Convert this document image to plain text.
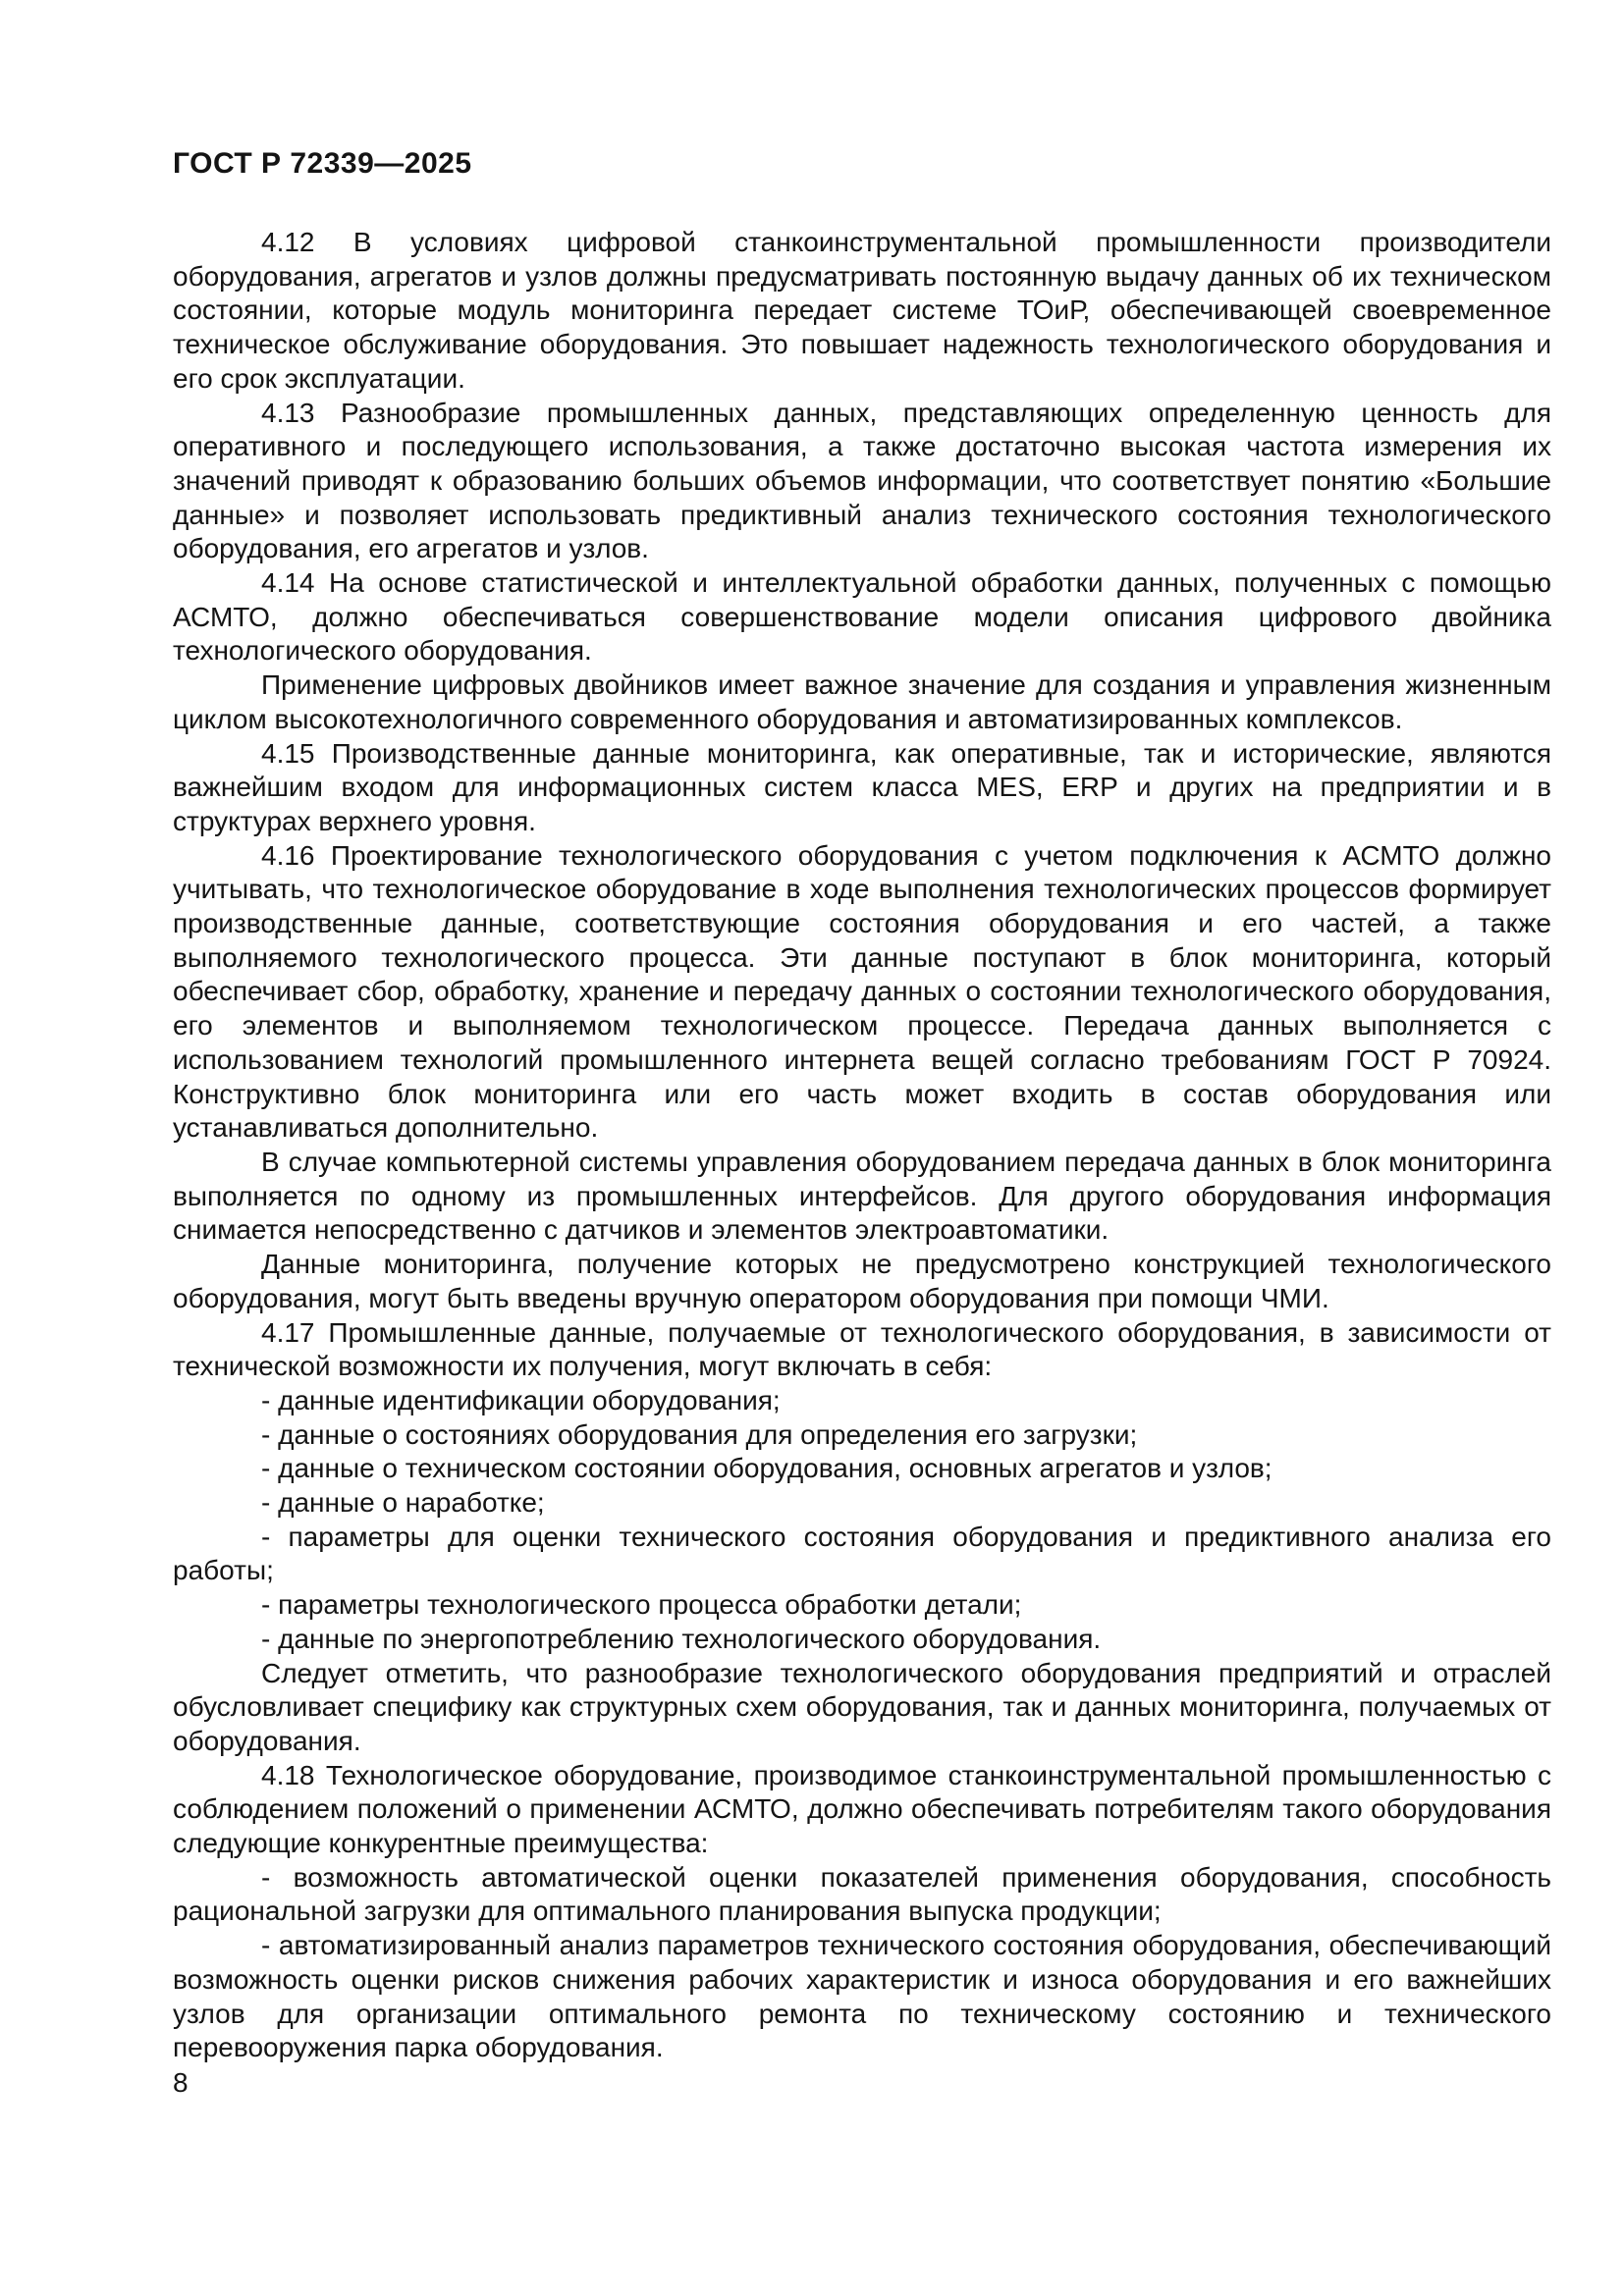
ГОСТ Р 72339—2025

4.12 В условиях цифровой станкоинструментальной промышленности производители оборудования, агрегатов и узлов должны предусматривать постоянную выдачу данных об их техническом состоянии, которые модуль мониторинга передает системе ТОиР, обеспечивающей своевременное техническое обслуживание оборудования. Это повышает надежность технологического оборудования и его срок эксплуатации.

4.13 Разнообразие промышленных данных, представляющих определенную ценность для оперативного и последующего использования, а также достаточно высокая частота измерения их значений приводят к образованию больших объемов информации, что соответствует понятию «Большие данные» и позволяет использовать предиктивный анализ технического состояния технологического оборудования, его агрегатов и узлов.

4.14 На основе статистической и интеллектуальной обработки данных, полученных с помощью АСМТО, должно обеспечиваться совершенствование модели описания цифрового двойника технологического оборудования.

Применение цифровых двойников имеет важное значение для создания и управления жизненным циклом высокотехнологичного современного оборудования и автоматизированных комплексов.

4.15 Производственные данные мониторинга, как оперативные, так и исторические, являются важнейшим входом для информационных систем класса MES, ERP и других на предприятии и в структурах верхнего уровня.

4.16 Проектирование технологического оборудования с учетом подключения к АСМТО должно учитывать, что технологическое оборудование в ходе выполнения технологических процессов формирует производственные данные, соответствующие состояния оборудования и его частей, а также выполняемого технологического процесса. Эти данные поступают в блок мониторинга, который обеспечивает сбор, обработку, хранение и передачу данных о состоянии технологического оборудования, его элементов и выполняемом технологическом процессе. Передача данных выполняется с использованием технологий промышленного интернета вещей согласно требованиям ГОСТ Р 70924. Конструктивно блок мониторинга или его часть может входить в состав оборудования или устанавливаться дополнительно.

В случае компьютерной системы управления оборудованием передача данных в блок мониторинга выполняется по одному из промышленных интерфейсов. Для другого оборудования информация снимается непосредственно с датчиков и элементов электроавтоматики.

Данные мониторинга, получение которых не предусмотрено конструкцией технологического оборудования, могут быть введены вручную оператором оборудования при помощи ЧМИ.

4.17 Промышленные данные, получаемые от технологического оборудования, в зависимости от технической возможности их получения, могут включать в себя:

- данные идентификации оборудования;

- данные о состояниях оборудования для определения его загрузки;

- данные о техническом состоянии оборудования, основных агрегатов и узлов;

- данные о наработке;

- параметры для оценки технического состояния оборудования и предиктивного анализа его работы;

- параметры технологического процесса обработки детали;

- данные по энергопотреблению технологического оборудования.

Следует отметить, что разнообразие технологического оборудования предприятий и отраслей обусловливает специфику как структурных схем оборудования, так и данных мониторинга, получаемых от оборудования.

4.18 Технологическое оборудование, производимое станкоинструментальной промышленностью с соблюдением положений о применении АСМТО, должно обеспечивать потребителям такого оборудования следующие конкурентные преимущества:

- возможность автоматической оценки показателей применения оборудования, способность рациональной загрузки для оптимального планирования выпуска продукции;

- автоматизированный анализ параметров технического состояния оборудования, обеспечивающий возможность оценки рисков снижения рабочих характеристик и износа оборудования и его важнейших узлов для организации оптимального ремонта по техническому состоянию и технического перевооружения парка оборудования.

8
